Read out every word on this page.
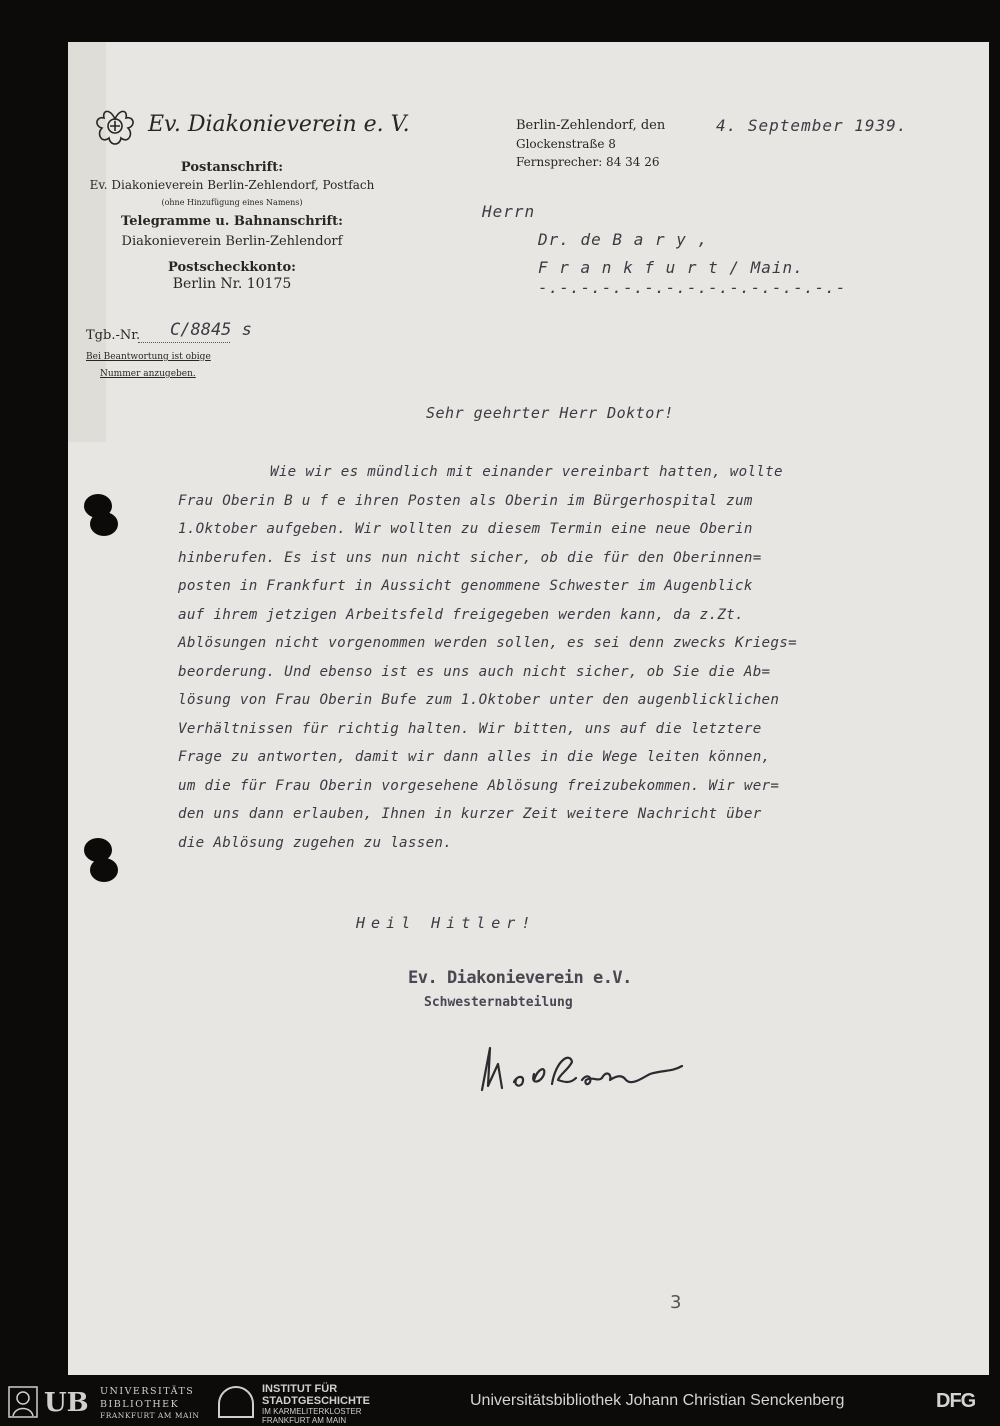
Ev. Diakonieverein e. V.
Postanschrift:
Ev. Diakonieverein Berlin-Zehlendorf, Postfach
(ohne Hinzufügung eines Namens)
Telegramme u. Bahnanschrift:
Diakonieverein Berlin-Zehlendorf
Postscheckkonto:
Berlin Nr. 10175
Berlin-Zehlendorf, den
Glockenstraße 8
Fernsprecher: 84 34 26
4. September 1939.
Herrn
Dr. de B a r y ,
F r a n k f u r t / Main.
-.-.-.-.-.-.-.-.-.-.-.-.-.-.-
Tgb.-Nr. C/8845 s
Bei Beantwortung ist obige
Nummer anzugeben.
Sehr geehrter Herr Doktor!
Wie wir es mündlich mit einander vereinbart hatten, wollte
Frau Oberin B u f e ihren Posten als Oberin im Bürgerhospital zum
1.Oktober aufgeben. Wir wollten zu diesem Termin eine neue Oberin
hinberufen. Es ist uns nun nicht sicher, ob die für den Oberinnen=
posten in Frankfurt in Aussicht genommene Schwester im Augenblick
auf ihrem jetzigen Arbeitsfeld freigegeben werden kann, da z.Zt.
Ablösungen nicht vorgenommen werden sollen, es sei denn zwecks Kriegs=
beorderung. Und ebenso ist es uns auch nicht sicher, ob Sie die Ab=
lösung von Frau Oberin Bufe zum 1.Oktober unter den augenblicklichen
Verhältnissen für richtig halten. Wir bitten, uns auf die letztere
Frage zu antworten, damit wir dann alles in die Wege leiten können,
um die für Frau Oberin vorgesehene Ablösung freizubekommen. Wir wer=
den uns dann erlauben, Ihnen in kurzer Zeit weitere Nachricht über
die Ablösung zugehen zu lassen.
Heil Hitler!
Ev. Diakonieverein e.V.
Schwesternabteilung
3
UB UNIVERSITÄTS
BIBLIOTHEK
FRANKFURT AM MAIN
INSTITUT FÜR
STADTGESCHICHTE
IM KARMELITERKLOSTER
FRANKFURT AM MAIN
Universitätsbibliothek Johann Christian Senckenberg	DFG
